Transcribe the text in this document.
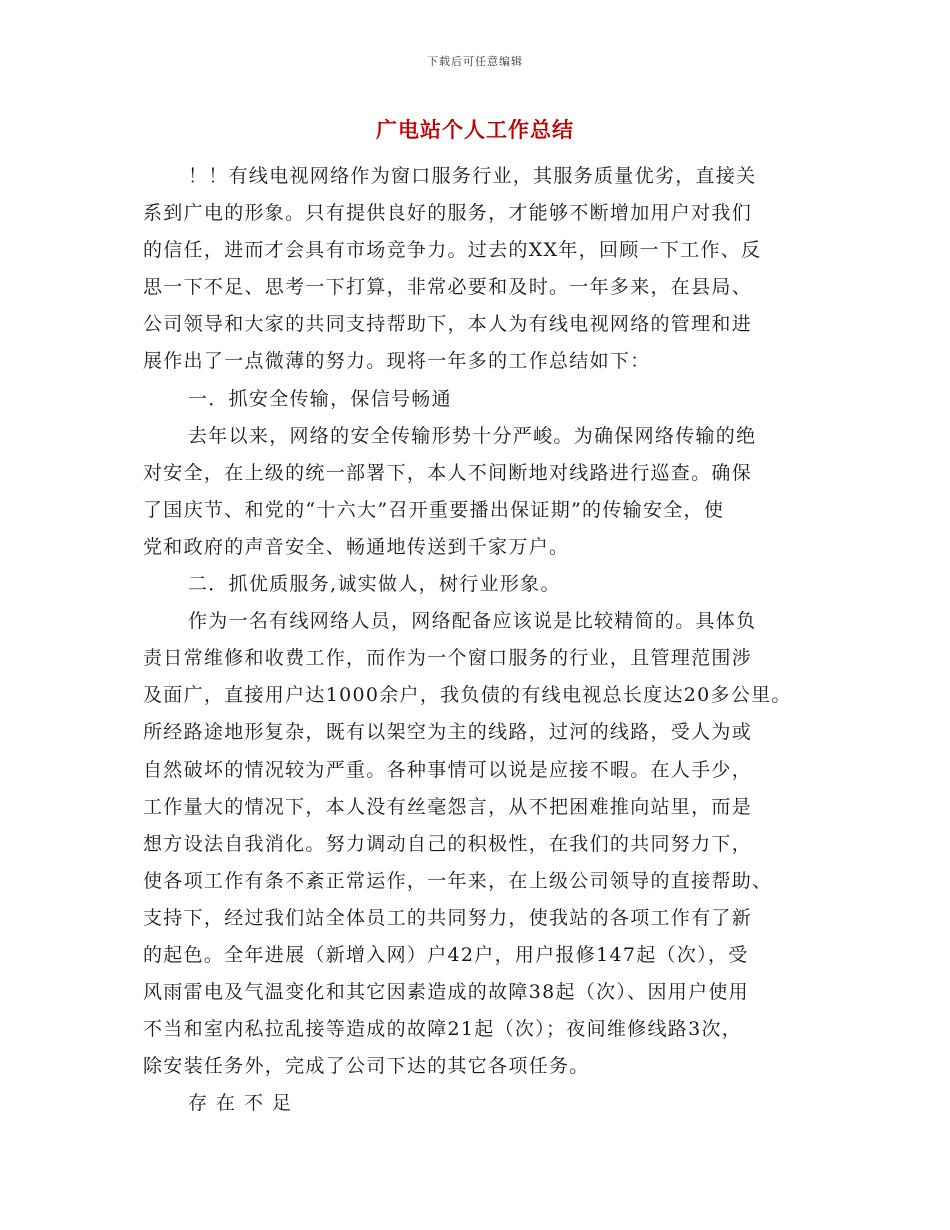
下载后可任意编辑
广电站个人工作总结
！！有线电视网络作为窗口服务行业，其服务质量优劣，直接关
系到广电的形象。只有提供良好的服务，才能够不断增加用户对我们
的信任，进而才会具有市场竞争力。过去的XX年，回顾一下工作、反
思一下不足、思考一下打算，非常必要和及时。一年多来，在县局、
公司领导和大家的共同支持帮助下，本人为有线电视网络的管理和进
展作出了一点微薄的努力。现将一年多的工作总结如下：
一．抓安全传输，保信号畅通
去年以来，网络的安全传输形势十分严峻。为确保网络传输的绝
对安全，在上级的统一部署下，本人不间断地对线路进行巡查。确保
了国庆节、和党的“十六大”召开重要播出保证期”的传输安全，使
党和政府的声音安全、畅通地传送到千家万户。
二．抓优质服务,诚实做人，树行业形象。
作为一名有线网络人员，网络配备应该说是比较精简的。具体负
责日常维修和收费工作，而作为一个窗口服务的行业，且管理范围涉
及面广，直接用户达1000余户，我负债的有线电视总长度达20多公里。
所经路途地形复杂，既有以架空为主的线路，过河的线路，受人为或
自然破坏的情况较为严重。各种事情可以说是应接不暇。在人手少，
工作量大的情况下，本人没有丝毫怨言，从不把困难推向站里，而是
想方设法自我消化。努力调动自己的积极性，在我们的共同努力下，
使各项工作有条不紊正常运作，一年来，在上级公司领导的直接帮助、
支持下，经过我们站全体员工的共同努力，使我站的各项工作有了新
的起色。全年进展（新增入网）户42户，用户报修147起（次），受
风雨雷电及气温变化和其它因素造成的故障38起（次）、因用户使用
不当和室内私拉乱接等造成的故障21起（次）；夜间维修线路3次，
除安装任务外，完成了公司下达的其它各项任务。
存在不足
